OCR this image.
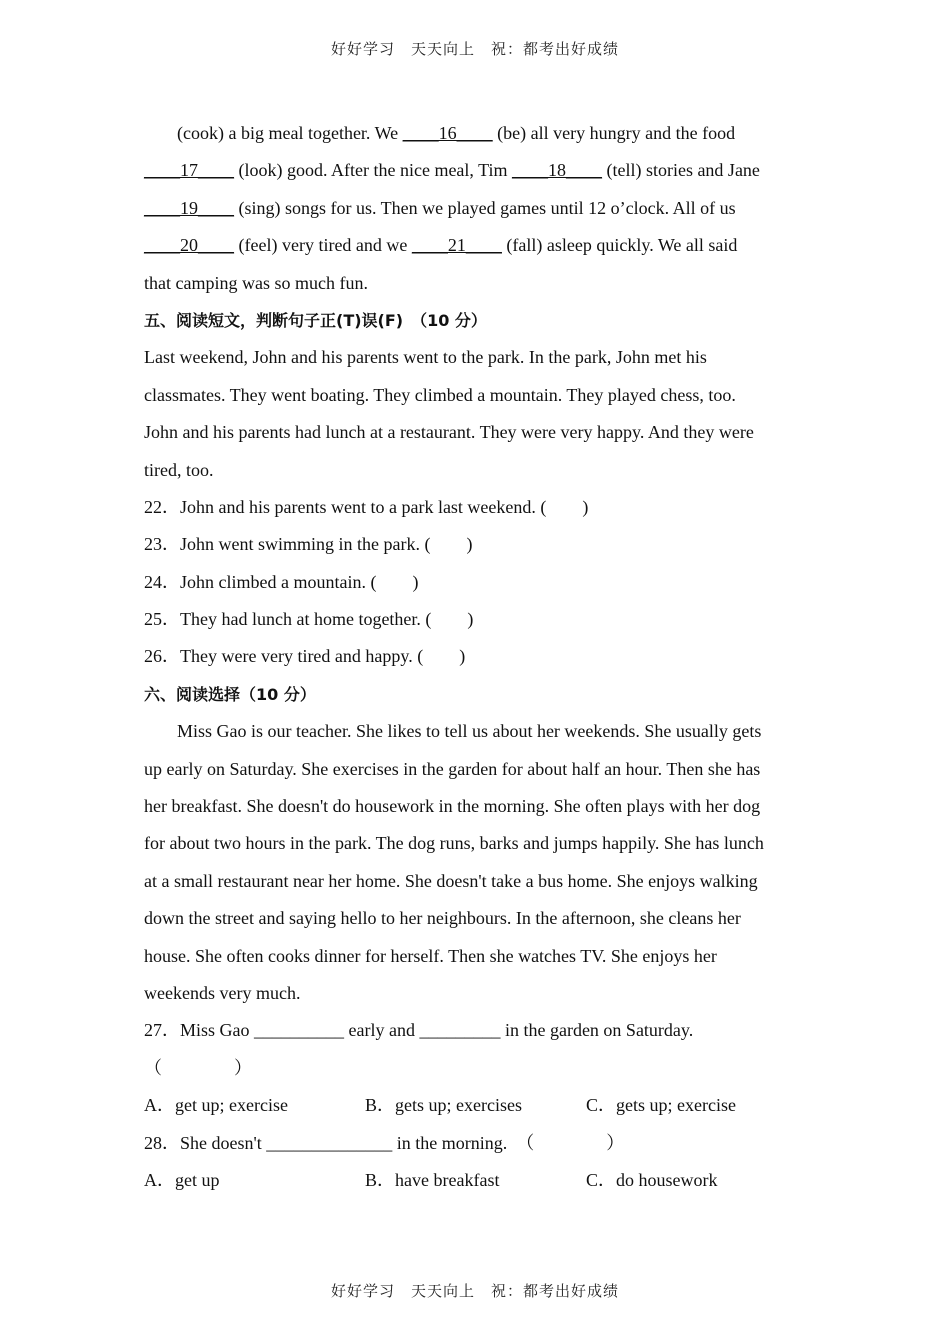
好好学习　天天向上　祝：都考出好成绩
(cook) a big meal together. We ____16____ (be) all very hungry and the food
____17____ (look) good. After the nice meal, Tim ____18____ (tell) stories and Jane
____19____ (sing) songs for us. Then we played games until 12 o’clock. All of us
____20____ (feel) very tired and we ____21____ (fall) asleep quickly. We all said
that camping was so much fun.
五、阅读短文，判断句子正(T)误(F)　（10 分）
Last weekend, John and his parents went to the park. In the park, John met his
classmates. They went boating. They climbed a mountain. They played chess, too.
John and his parents had lunch at a restaurant. They were very happy. And they were
tired, too.
22．John and his parents went to a park last weekend. (　　)
23．John went swimming in the park. (　　)
24．John climbed a mountain. (　　)
25．They had lunch at home together. (　　)
26．They were very tired and happy. (　　)
六、阅读选择（10 分）
Miss Gao is our teacher. She likes to tell us about her weekends. She usually gets
up early on Saturday. She exercises in the garden for about half an hour. Then she has
her breakfast. She doesn't do housework in the morning. She often plays with her dog
for about two hours in the park. The dog runs, barks and jumps happily. She has lunch
at a small restaurant near her home. She doesn't take a bus home. She enjoys walking
down the street and saying hello to her neighbours. In the afternoon, she cleans her
house. She often cooks dinner for herself. Then she watches TV. She enjoys her
weekends very much.
27．Miss Gao __________ early and _________ in the garden on Saturday.
（　　　　）
A．get up; exercise	B．gets up; exercises	C．gets up; exercise
28．She doesn't ______________ in the morning.　（　　　　）
A．get up	B．have breakfast	C．do housework
好好学习　天天向上　祝：都考出好成绩
